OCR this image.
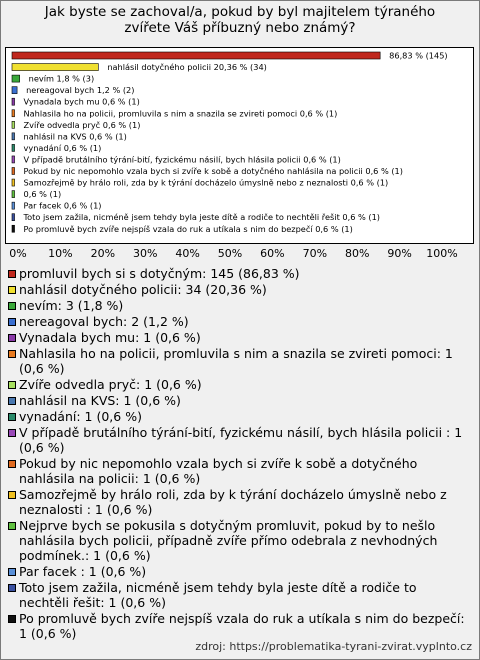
Jak byste se zachoval/a, pokud by byl majitelem týraného zvířete Váš příbuzný nebo známý?
86,83 % (145)
nahlásil dotyčného policii 20,36 % (34)
nevím 1,8 % (3)
nereagoval bych 1,2 % (2)
Vynadala bych mu 0,6 % (1)
Nahlasila ho na policii, promluvila s nim a snazila se zvireti pomoci 0,6 % (1)
Zvíře odvedla pryč 0,6 % (1)
nahlásil na KVS 0,6 % (1)
vynadání 0,6 % (1)
V případě brutálního týrání-bití, fyzickému násilí, bych hlásila policii 0,6 % (1)
Pokud by nic nepomohlo vzala bych si zvíře k sobě a dotyčného nahlásila na policii 0,6 % (1)
Samozřejmě by hrálo roli, zda by k týrání docházelo úmyslně nebo z neznalosti 0,6 % (1)
0,6 % (1)
Par facek 0,6 % (1)
Toto jsem zažila, nicméně jsem tehdy byla jeste dítě a rodiče to nechtěli řešit 0,6 % (1)
Po promluvě bych zvíře nejspíš vzala do ruk a utíkala s nim do bezpečí 0,6 % (1)
0% 10% 20% 30% 40% 50% 60% 70% 80% 90% 100%
promluvil bych si s dotyčným: 145 (86,83 %)
nahlásil dotyčného policii: 34 (20,36 %)
nevím: 3 (1,8 %)
nereagoval bych: 2 (1,2 %)
Vynadala bych mu: 1 (0,6 %)
Nahlasila ho na policii, promluvila s nim a snazila se zvireti pomoci: 1 (0,6 %)
Zvíře odvedla pryč: 1 (0,6 %)
nahlásil na KVS: 1 (0,6 %)
vynadání: 1 (0,6 %)
V případě brutálního týrání-bití, fyzickému násilí, bych hlásila policii : 1 (0,6 %)
Pokud by nic nepomohlo vzala bych si zvíře k sobě a dotyčného nahlásila na policii: 1 (0,6 %)
Samozřejmě by hrálo roli, zda by k týrání docházelo úmyslně nebo z neznalosti : 1 (0,6 %)
Nejprve bych se pokusila s dotyčným promluvit, pokud by to nešlo nahlásila bych policii, případně zvíře přímo odebrala z nevhodných podmínek.: 1 (0,6 %)
Par facek : 1 (0,6 %)
Toto jsem zažila, nicméně jsem tehdy byla jeste dítě a rodiče to nechtěli řešit: 1 (0,6 %)
Po promluvě bych zvíře nejspíš vzala do ruk a utíkala s nim do bezpečí: 1 (0,6 %)
zdroj: https://problematika-tyrani-zvirat.vyplnto.cz
